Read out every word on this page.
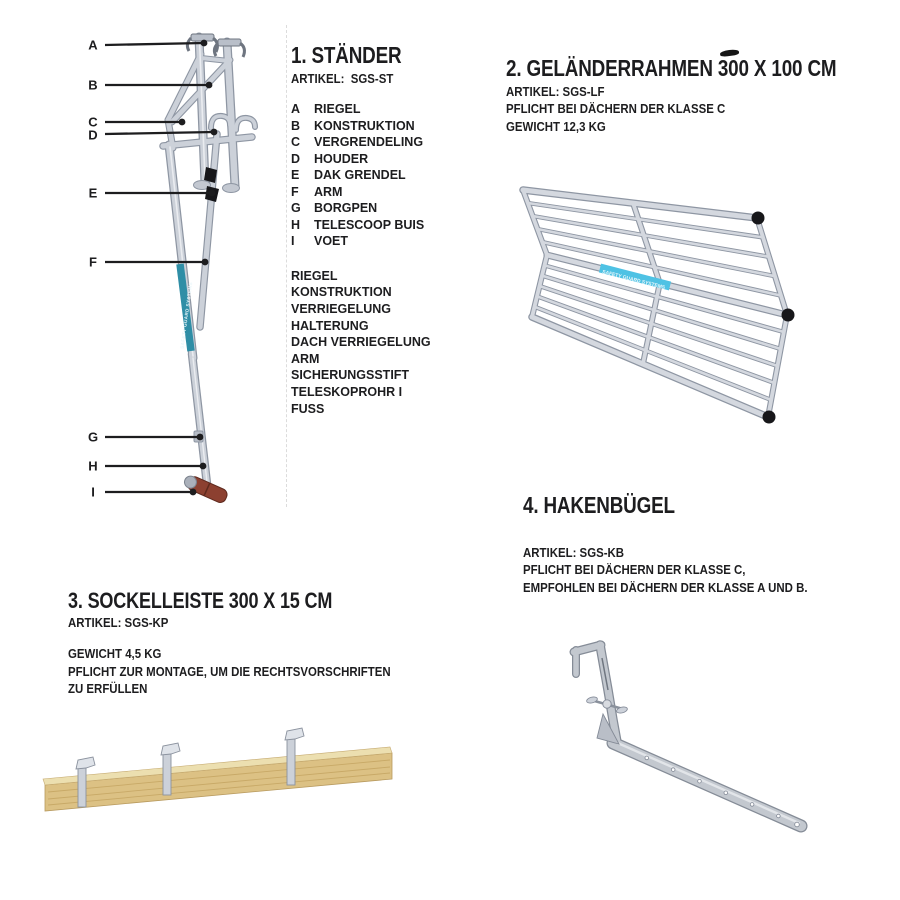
SAFETY GUARD SYSTEMS
A
B
C
D
E
F
G
H
I
1. STÄNDER
ARTIKEL:  SGS-ST
A	RIEGEL
B	KONSTRUKTION
C	VERGRENDELING
D	HOUDER
E	DAK GRENDEL
F	ARM
G	BORGPEN
H	TELESCOOP BUIS
I	VOET
RIEGEL
KONSTRUKTION
VERRIEGELUNG
HALTERUNG
DACH VERRIEGELUNG
ARM
SICHERUNGSSTIFT
TELESKOPROHR I
FUSS
2. GELÄNDERRAHMEN 300 X 100 CM
ARTIKEL: SGS-LF
PFLICHT BEI DÄCHERN DER KLASSE C
GEWICHT 12,3 KG
SAFETY GUARD SYSTEMS
3. SOCKELLEISTE 300 X 15 CM
ARTIKEL: SGS-KP
GEWICHT 4,5 KG
PFLICHT ZUR MONTAGE, UM DIE RECHTSVORSCHRIFTEN
ZU ERFÜLLEN
4. HAKENBÜGEL
ARTIKEL: SGS-KB
PFLICHT BEI DÄCHERN DER KLASSE C,
EMPFOHLEN BEI DÄCHERN DER KLASSE A UND B.
